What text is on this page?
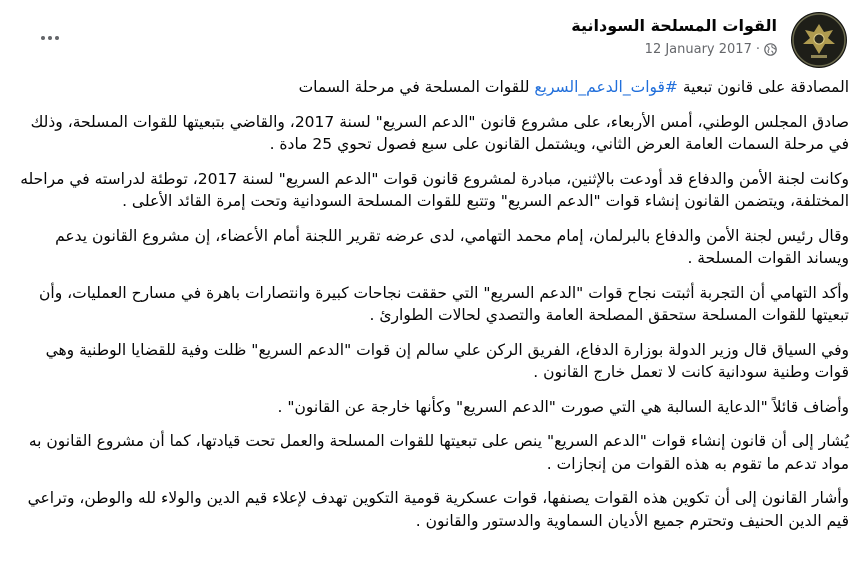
القوات المسلحة السودانية
12 January 2017 ·

المصادقة على قانون تبعية #قوات_الدعم_السريع للقوات المسلحة في مرحلة السمات

صادق المجلس الوطني، أمس الأربعاء، على مشروع قانون "الدعم السريع" لسنة 2017، والقاضي بتبعيتها للقوات المسلحة، وذلك في مرحلة السمات العامة العرض الثاني، ويشتمل القانون على سبع فصول تحوي 25 مادة .

وكانت لجنة الأمن والدفاع قد أودعت بالإثنين، مبادرة لمشروع قانون قوات "الدعم السريع" لسنة 2017، توطئة لدراسته في مراحله المختلفة، ويتضمن القانون إنشاء قوات "الدعم السريع" وتتبع للقوات المسلحة السودانية وتحت إمرة القائد الأعلى .

وقال رئيس لجنة الأمن والدفاع بالبرلمان، إمام محمد التهامي، لدى عرضه تقرير اللجنة أمام الأعضاء، إن مشروع القانون يدعم ويساند القوات المسلحة .

وأكد التهامي أن التجربة أثبتت نجاح قوات "الدعم السريع" التي حققت نجاحات كبيرة وانتصارات باهرة في مسارح العمليات، وأن تبعيتها للقوات المسلحة ستحقق المصلحة العامة والتصدي لحالات الطوارئ .

وفي السياق قال وزير الدولة بوزارة الدفاع، الفريق الركن علي سالم إن قوات "الدعم السريع" ظلت وفية للقضايا الوطنية وهي قوات وطنية سودانية كانت لا تعمل خارج القانون .

وأضاف قائلاً "الدعاية السالبة هي التي صورت "الدعم السريع" وكأنها خارجة عن القانون" .

يُشار إلى أن قانون إنشاء قوات "الدعم السريع" ينص على تبعيتها للقوات المسلحة والعمل تحت قيادتها، كما أن مشروع القانون به مواد تدعم ما تقوم به هذه القوات من إنجازات .

وأشار القانون إلى أن تكوين هذه القوات يصنفها، قوات عسكرية قومية التكوين تهدف لإعلاء قيم الدين والولاء لله والوطن، وتراعي قيم الدين الحنيف وتحترم جميع الأديان السماوية والدستور والقانون .
